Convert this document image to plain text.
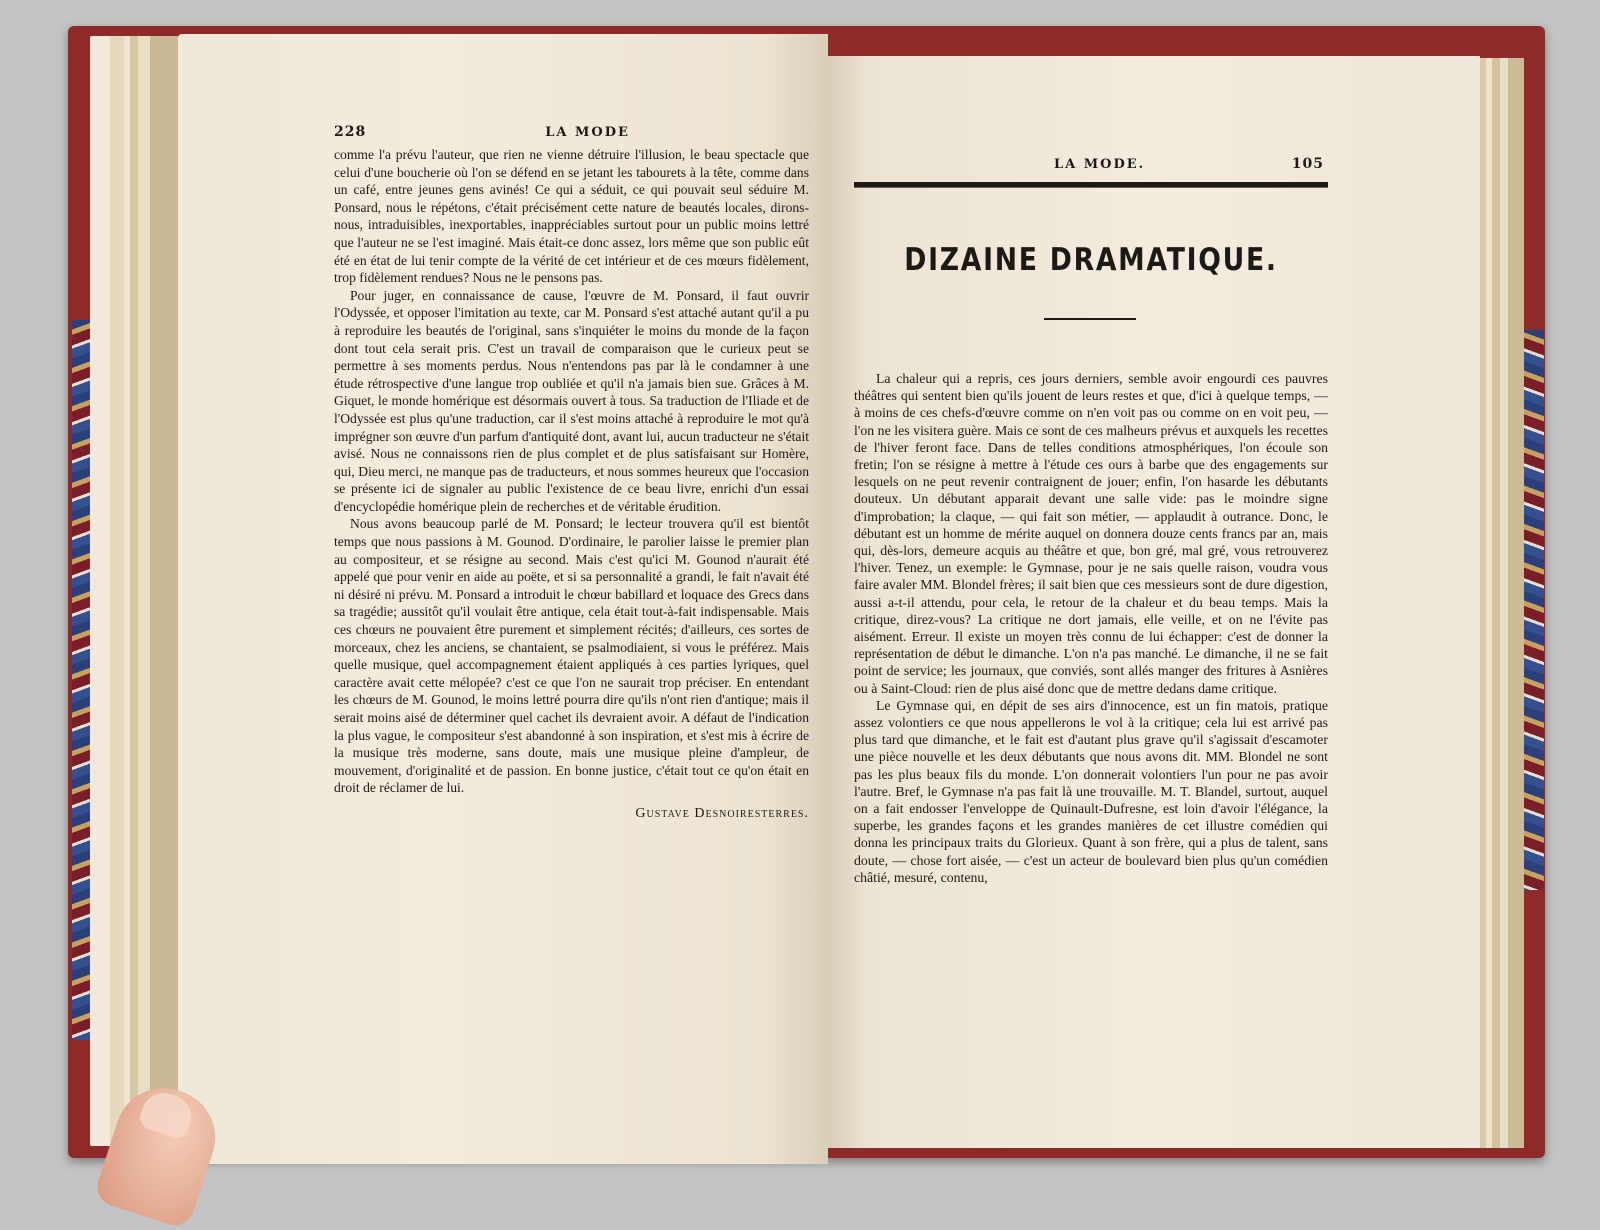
228	LA MODE

comme l'a prévu l'auteur, que rien ne vienne détruire l'illusion, le beau spectacle que celui d'une boucherie où l'on se défend en se jetant les tabourets à la tête, comme dans un café, entre jeunes gens avinés! Ce qui a séduit, ce qui pouvait seul séduire M. Ponsard, nous le répétons, c'était précisément cette nature de beautés locales, dirons-nous, intraduisibles, inexportables, inappréciables surtout pour un public moins lettré que l'auteur ne se l'est imaginé. Mais était-ce donc assez, lors même que son public eût été en état de lui tenir compte de la vérité de cet intérieur et de ces mœurs fidèlement, trop fidèlement rendues? Nous ne le pensons pas.

Pour juger, en connaissance de cause, l'œuvre de M. Ponsard, il faut ouvrir l'Odyssée, et opposer l'imitation au texte, car M. Ponsard s'est attaché autant qu'il a pu à reproduire les beautés de l'original, sans s'inquiéter le moins du monde de la façon dont tout cela serait pris. C'est un travail de comparaison que le curieux peut se permettre à ses moments perdus. Nous n'entendons pas par là le condamner à une étude rétrospective d'une langue trop oubliée et qu'il n'a jamais bien sue. Grâces à M. Giquet, le monde homérique est désormais ouvert à tous. Sa traduction de l'Iliade et de l'Odyssée est plus qu'une traduction, car il s'est moins attaché à reproduire le mot qu'à imprégner son œuvre d'un parfum d'antiquité dont, avant lui, aucun traducteur ne s'était avisé. Nous ne connaissons rien de plus complet et de plus satisfaisant sur Homère, qui, Dieu merci, ne manque pas de traducteurs, et nous sommes heureux que l'occasion se présente ici de signaler au public l'existence de ce beau livre, enrichi d'un essai d'encyclopédie homérique plein de recherches et de véritable érudition.

Nous avons beaucoup parlé de M. Ponsard; le lecteur trouvera qu'il est bientôt temps que nous passions à M. Gounod. D'ordinaire, le parolier laisse le premier plan au compositeur, et se résigne au second. Mais c'est qu'ici M. Gounod n'aurait été appelé que pour venir en aide au poëte, et si sa personnalité a grandi, le fait n'avait été ni désiré ni prévu. M. Ponsard a introduit le chœur babillard et loquace des Grecs dans sa tragédie; aussitôt qu'il voulait être antique, cela était tout-à-fait indispensable. Mais ces chœurs ne pouvaient être purement et simplement récités; d'ailleurs, ces sortes de morceaux, chez les anciens, se chantaient, se psalmodiaient, si vous le préférez. Mais quelle musique, quel accompagnement étaient appliqués à ces parties lyriques, quel caractère avait cette mélopée? c'est ce que l'on ne saurait trop préciser. En entendant les chœurs de M. Gounod, le moins lettré pourra dire qu'ils n'ont rien d'antique; mais il serait moins aisé de déterminer quel cachet ils devraient avoir. A défaut de l'indication la plus vague, le compositeur s'est abandonné à son inspiration, et s'est mis à écrire de la musique très moderne, sans doute, mais une musique pleine d'ampleur, de mouvement, d'originalité et de passion. En bonne justice, c'était tout ce qu'on était en droit de réclamer de lui.

Gustave Desnoiresterres.
LA MODE.	105
DIZAINE DRAMATIQUE.

La chaleur qui a repris, ces jours derniers, semble avoir engourdi ces pauvres théâtres qui sentent bien qu'ils jouent de leurs restes et que, d'ici à quelque temps, — à moins de ces chefs-d'œuvre comme on n'en voit pas ou comme on en voit peu, — l'on ne les visitera guère. Mais ce sont de ces malheurs prévus et auxquels les recettes de l'hiver feront face. Dans de telles conditions atmosphériques, l'on écoule son fretin; l'on se résigne à mettre à l'étude ces ours à barbe que des engagements sur lesquels on ne peut revenir contraignent de jouer; enfin, l'on hasarde les débutants douteux. Un débutant apparait devant une salle vide: pas le moindre signe d'improbation; la claque, — qui fait son métier, — applaudit à outrance. Donc, le débutant est un homme de mérite auquel on donnera douze cents francs par an, mais qui, dès-lors, demeure acquis au théâtre et que, bon gré, mal gré, vous retrouverez l'hiver. Tenez, un exemple: le Gymnase, pour je ne sais quelle raison, voudra vous faire avaler MM. Blondel frères; il sait bien que ces messieurs sont de dure digestion, aussi a-t-il attendu, pour cela, le retour de la chaleur et du beau temps. Mais la critique, direz-vous? La critique ne dort jamais, elle veille, et on ne l'évite pas aisément. Erreur. Il existe un moyen très connu de lui échapper: c'est de donner la représentation de début le dimanche. L'on n'a pas manché. Le dimanche, il ne se fait point de service; les journaux, que conviés, sont allés manger des fritures à Asnières ou à Saint-Cloud: rien de plus aisé donc que de mettre dedans dame critique.

Le Gymnase qui, en dépit de ses airs d'innocence, est un fin matois, pratique assez volontiers ce que nous appellerons le vol à la critique; cela lui est arrivé pas plus tard que dimanche, et le fait est d'autant plus grave qu'il s'agissait d'escamoter une pièce nouvelle et les deux débutants que nous avons dit. MM. Blondel ne sont pas les plus beaux fils du monde. L'on donnerait volontiers l'un pour ne pas avoir l'autre. Bref, le Gymnase n'a pas fait là une trouvaille. M. T. Blandel, surtout, auquel on a fait endosser l'enveloppe de Quinault-Dufresne, est loin d'avoir l'élégance, la superbe, les grandes façons et les grandes manières de cet illustre comédien qui donna les principaux traits du Glorieux. Quant à son frère, qui a plus de talent, sans doute, — chose fort aisée, — c'est un acteur de boulevard bien plus qu'un comédien châtié, mesuré, contenu,
